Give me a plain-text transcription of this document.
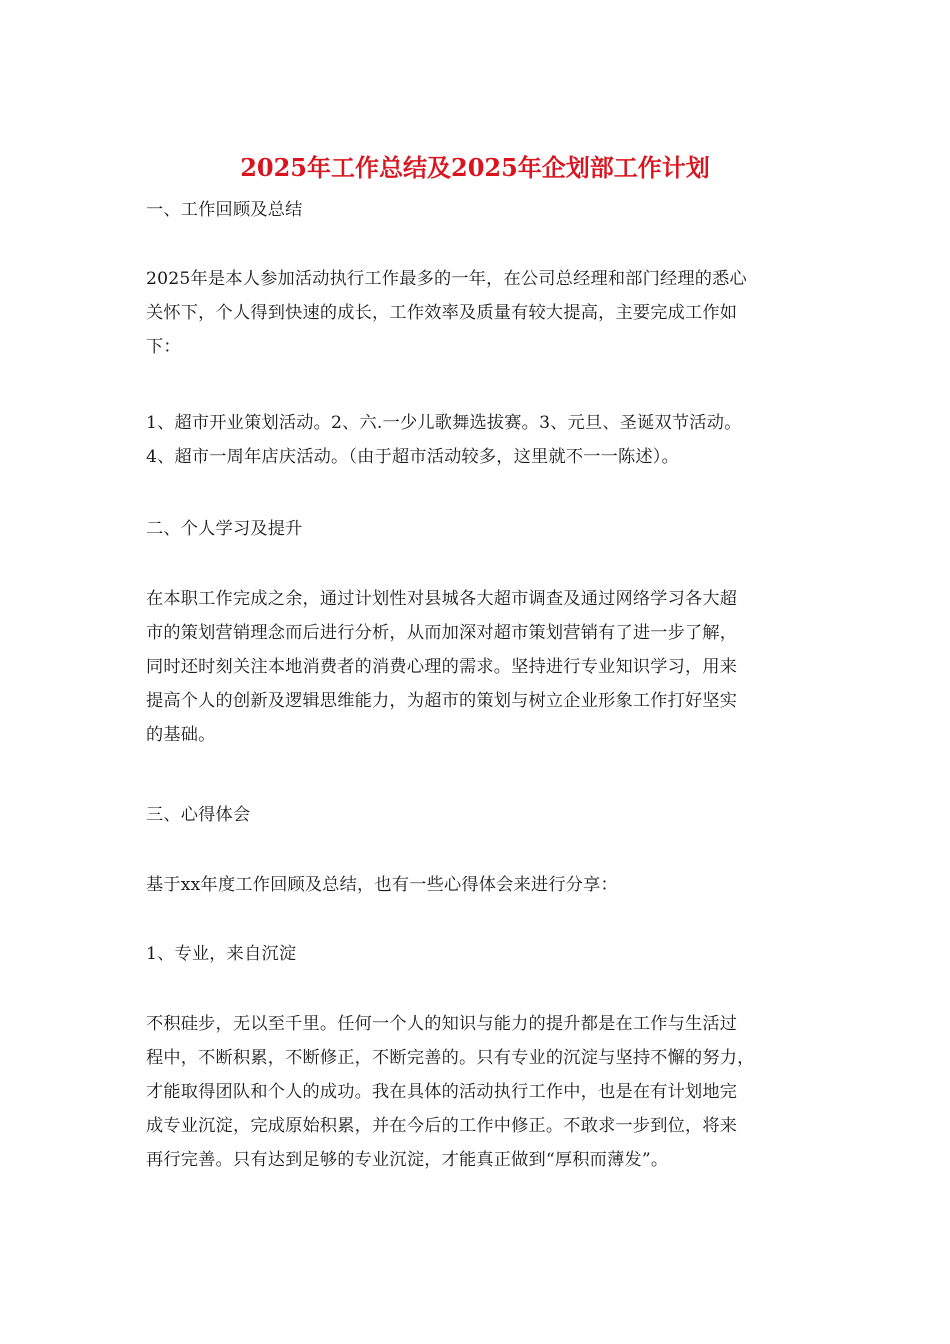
2025年工作总结及2025年企划部工作计划
一、工作回顾及总结
2025年是本人参加活动执行工作最多的一年，在公司总经理和部门经理的悉心
关怀下，个人得到快速的成长，工作效率及质量有较大提高，主要完成工作如
下：
1、超市开业策划活动。2、六.一少儿歌舞选拔赛。3、元旦、圣诞双节活动。
4、超市一周年店庆活动。（由于超市活动较多，这里就不一一陈述）。
二、个人学习及提升
在本职工作完成之余，通过计划性对县城各大超市调查及通过网络学习各大超
市的策划营销理念而后进行分析，从而加深对超市策划营销有了进一步了解，
同时还时刻关注本地消费者的消费心理的需求。坚持进行专业知识学习，用来
提高个人的创新及逻辑思维能力，为超市的策划与树立企业形象工作打好坚实
的基础。
三、心得体会
基于xx年度工作回顾及总结，也有一些心得体会来进行分享：
1、专业，来自沉淀
不积硅步，无以至千里。任何一个人的知识与能力的提升都是在工作与生活过
程中，不断积累，不断修正，不断完善的。只有专业的沉淀与坚持不懈的努力，
才能取得团队和个人的成功。我在具体的活动执行工作中，也是在有计划地完
成专业沉淀，完成原始积累，并在今后的工作中修正。不敢求一步到位，将来
再行完善。只有达到足够的专业沉淀，才能真正做到“厚积而薄发”。
